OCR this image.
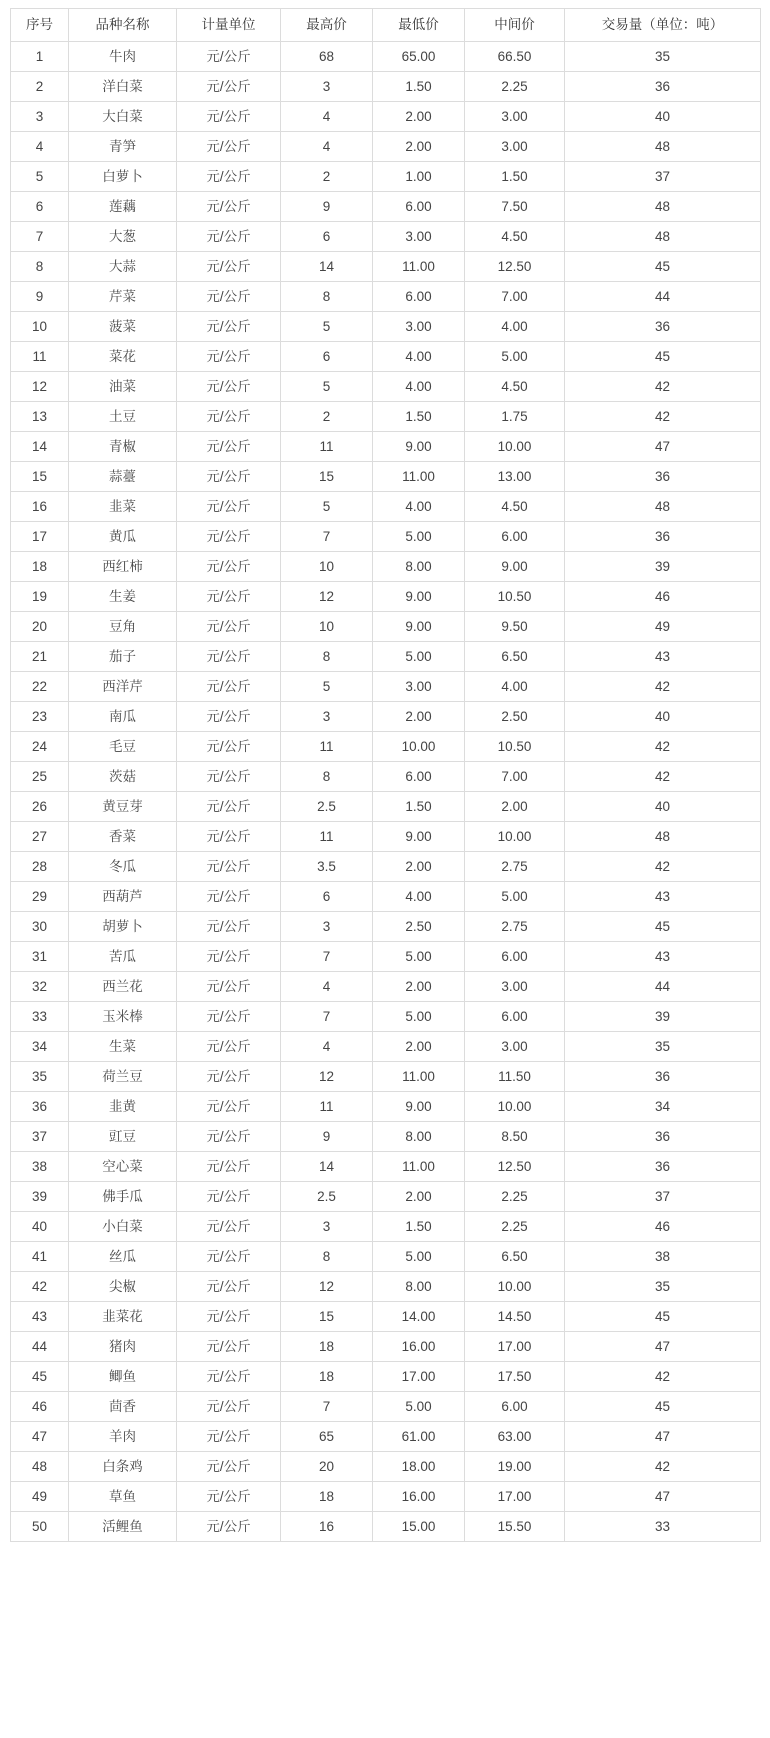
序号	品种名称	计量单位	最高价	最低价	中间价	交易量（单位：吨）
1	牛肉	元/公斤	68	65.00	66.50	35
2	洋白菜	元/公斤	3	1.50	2.25	36
3	大白菜	元/公斤	4	2.00	3.00	40
4	青笋	元/公斤	4	2.00	3.00	48
5	白萝卜	元/公斤	2	1.00	1.50	37
6	莲藕	元/公斤	9	6.00	7.50	48
7	大葱	元/公斤	6	3.00	4.50	48
8	大蒜	元/公斤	14	11.00	12.50	45
9	芹菜	元/公斤	8	6.00	7.00	44
10	菠菜	元/公斤	5	3.00	4.00	36
11	菜花	元/公斤	6	4.00	5.00	45
12	油菜	元/公斤	5	4.00	4.50	42
13	土豆	元/公斤	2	1.50	1.75	42
14	青椒	元/公斤	11	9.00	10.00	47
15	蒜薹	元/公斤	15	11.00	13.00	36
16	韭菜	元/公斤	5	4.00	4.50	48
17	黄瓜	元/公斤	7	5.00	6.00	36
18	西红柿	元/公斤	10	8.00	9.00	39
19	生姜	元/公斤	12	9.00	10.50	46
20	豆角	元/公斤	10	9.00	9.50	49
21	茄子	元/公斤	8	5.00	6.50	43
22	西洋芹	元/公斤	5	3.00	4.00	42
23	南瓜	元/公斤	3	2.00	2.50	40
24	毛豆	元/公斤	11	10.00	10.50	42
25	茨菇	元/公斤	8	6.00	7.00	42
26	黄豆芽	元/公斤	2.5	1.50	2.00	40
27	香菜	元/公斤	11	9.00	10.00	48
28	冬瓜	元/公斤	3.5	2.00	2.75	42
29	西葫芦	元/公斤	6	4.00	5.00	43
30	胡萝卜	元/公斤	3	2.50	2.75	45
31	苦瓜	元/公斤	7	5.00	6.00	43
32	西兰花	元/公斤	4	2.00	3.00	44
33	玉米棒	元/公斤	7	5.00	6.00	39
34	生菜	元/公斤	4	2.00	3.00	35
35	荷兰豆	元/公斤	12	11.00	11.50	36
36	韭黄	元/公斤	11	9.00	10.00	34
37	豇豆	元/公斤	9	8.00	8.50	36
38	空心菜	元/公斤	14	11.00	12.50	36
39	佛手瓜	元/公斤	2.5	2.00	2.25	37
40	小白菜	元/公斤	3	1.50	2.25	46
41	丝瓜	元/公斤	8	5.00	6.50	38
42	尖椒	元/公斤	12	8.00	10.00	35
43	韭菜花	元/公斤	15	14.00	14.50	45
44	猪肉	元/公斤	18	16.00	17.00	47
45	鲫鱼	元/公斤	18	17.00	17.50	42
46	茴香	元/公斤	7	5.00	6.00	45
47	羊肉	元/公斤	65	61.00	63.00	47
48	白条鸡	元/公斤	20	18.00	19.00	42
49	草鱼	元/公斤	18	16.00	17.00	47
50	活鲤鱼	元/公斤	16	15.00	15.50	33
